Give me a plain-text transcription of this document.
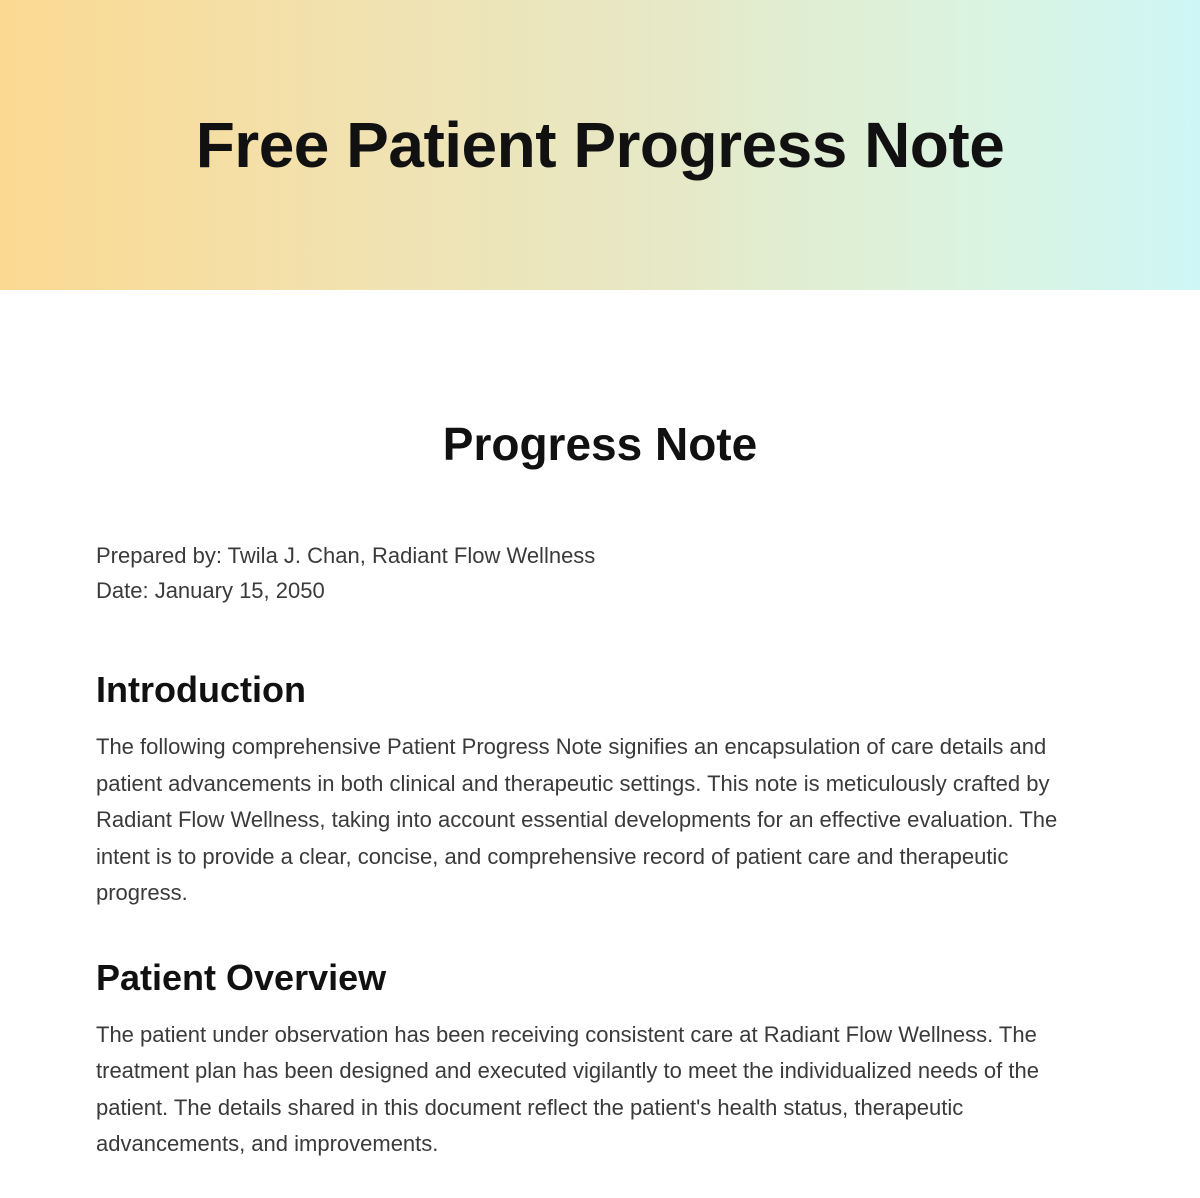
Free Patient Progress Note
Progress Note
Prepared by: Twila J. Chan, Radiant Flow Wellness
Date: January 15, 2050
Introduction

The following comprehensive Patient Progress Note signifies an encapsulation of care details and patient advancements in both clinical and therapeutic settings. This note is meticulously crafted by Radiant Flow Wellness, taking into account essential developments for an effective evaluation. The intent is to provide a clear, concise, and comprehensive record of patient care and therapeutic progress.

Patient Overview

The patient under observation has been receiving consistent care at Radiant Flow Wellness. The treatment plan has been designed and executed vigilantly to meet the individualized needs of the patient. The details shared in this document reflect the patient's health status, therapeutic advancements, and improvements.
